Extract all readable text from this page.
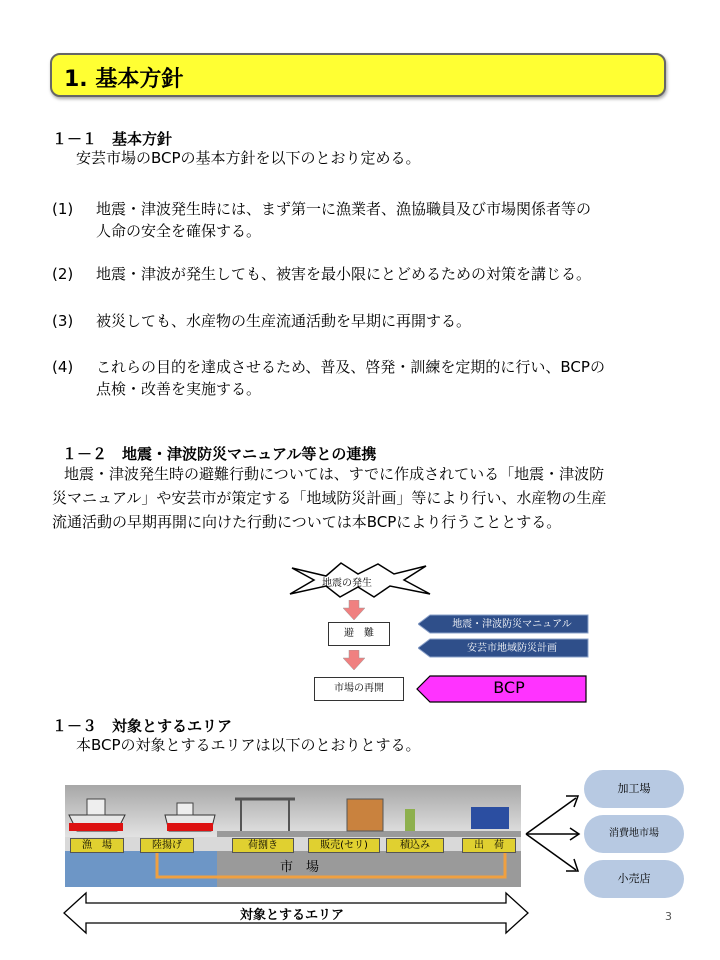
1. 基本方針
１－１　基本方針
安芸市場のBCPの基本方針を以下のとおり定める。
(1) 地震・津波発生時には、まず第一に漁業者、漁協職員及び市場関係者等の
人命の安全を確保する。
(2) 地震・津波が発生しても、被害を最小限にとどめるための対策を講じる。
(3) 被災しても、水産物の生産流通活動を早期に再開する。
(4) これらの目的を達成させるため、普及、啓発・訓練を定期的に行い、BCPの
点検・改善を実施する。
１－２　地震・津波防災マニュアル等との連携
地震・津波発生時の避難行動については、すでに作成されている「地震・津波防
災マニュアル」や安芸市が策定する「地域防災計画」等により行い、水産物の生産
流通活動の早期再開に向けた行動については本BCPにより行うこととする。
地震の発生
避　難
市場の再開
地震・津波防災マニュアル
安芸市地域防災計画
BCP
１－３　対象とするエリア
本BCPの対象とするエリアは以下のとおりとする。
漁　場	陸揚げ	荷捌き	販売(セリ)	積込み	出　荷
市　場
加工場
消費地市場
小売店
対象とするエリア	3
